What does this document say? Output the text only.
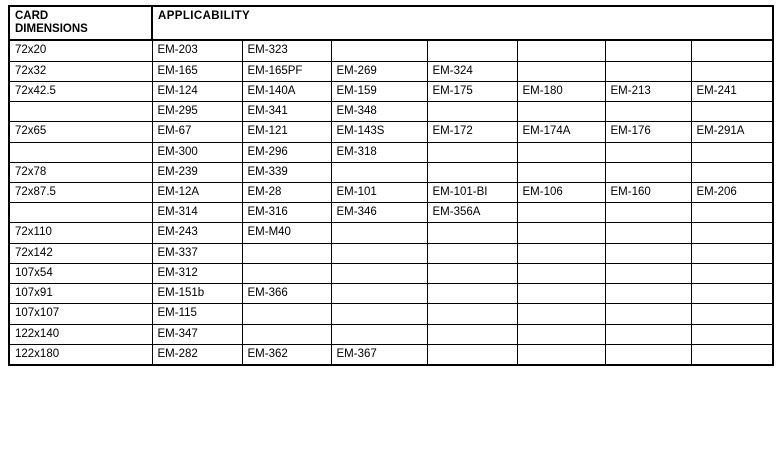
CARD
DIMENSIONS	APPLICABILITY						
72x20	EM-203	EM-323					
72x32	EM-165	EM-165PF	EM-269	EM-324			
72x42.5	EM-124	EM-140A	EM-159	EM-175	EM-180	EM-213	EM-241
	EM-295	EM-341	EM-348				
72x65	EM-67	EM-121	EM-143S	EM-172	EM-174A	EM-176	EM-291A
	EM-300	EM-296	EM-318				
72x78	EM-239	EM-339					
72x87.5	EM-12A	EM-28	EM-101	EM-101-BI	EM-106	EM-160	EM-206
	EM-314	EM-316	EM-346	EM-356A			
72x110	EM-243	EM-M40					
72x142	EM-337						
107x54	EM-312						
107x91	EM-151b	EM-366					
107x107	EM-115						
122x140	EM-347						
122x180	EM-282	EM-362	EM-367				
